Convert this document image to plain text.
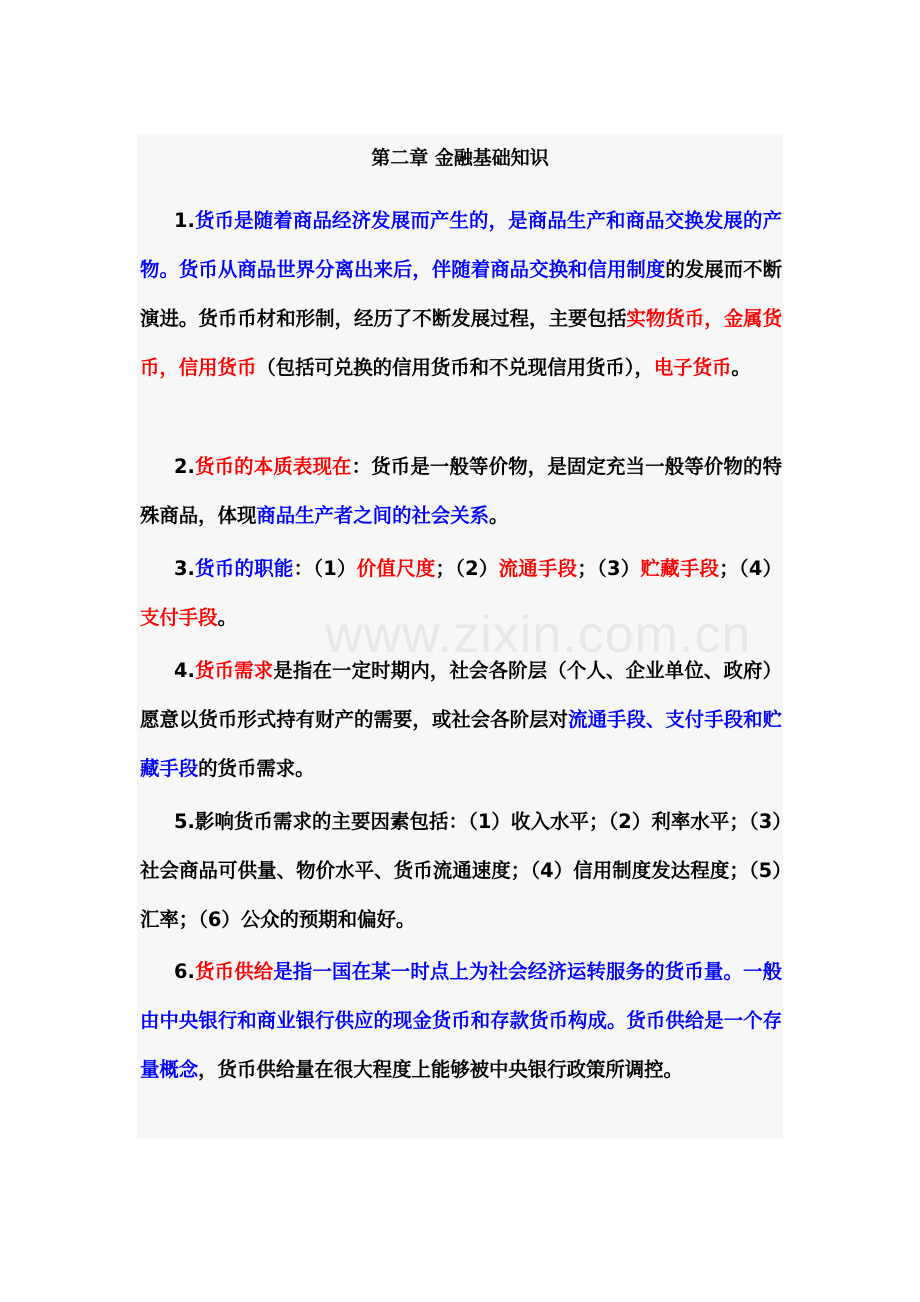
第二章 金融基础知识

1.货币是随着商品经济发展而产生的，是商品生产和商品交换发展的产物。货币从商品世界分离出来后，伴随着商品交换和信用制度的发展而不断演进。货币币材和形制，经历了不断发展过程，主要包括实物货币，金属货币，信用货币（包括可兑换的信用货币和不兑现信用货币），电子货币。

2.货币的本质表现在：货币是一般等价物，是固定充当一般等价物的特殊商品，体现商品生产者之间的社会关系。

3.货币的职能：（1）价值尺度；（2）流通手段；（3）贮藏手段；（4）支付手段。

4.货币需求是指在一定时期内，社会各阶层（个人、企业单位、政府）愿意以货币形式持有财产的需要，或社会各阶层对流通手段、支付手段和贮藏手段的货币需求。

5.影响货币需求的主要因素包括：（1）收入水平；（2）利率水平；（3）社会商品可供量、物价水平、货币流通速度；（4）信用制度发达程度；（5）汇率；（6）公众的预期和偏好。

6.货币供给是指一国在某一时点上为社会经济运转服务的货币量。一般由中央银行和商业银行供应的现金货币和存款货币构成。货币供给是一个存量概念，货币供给量在很大程度上能够被中央银行政策所调控。

www.zixin.com.cn
